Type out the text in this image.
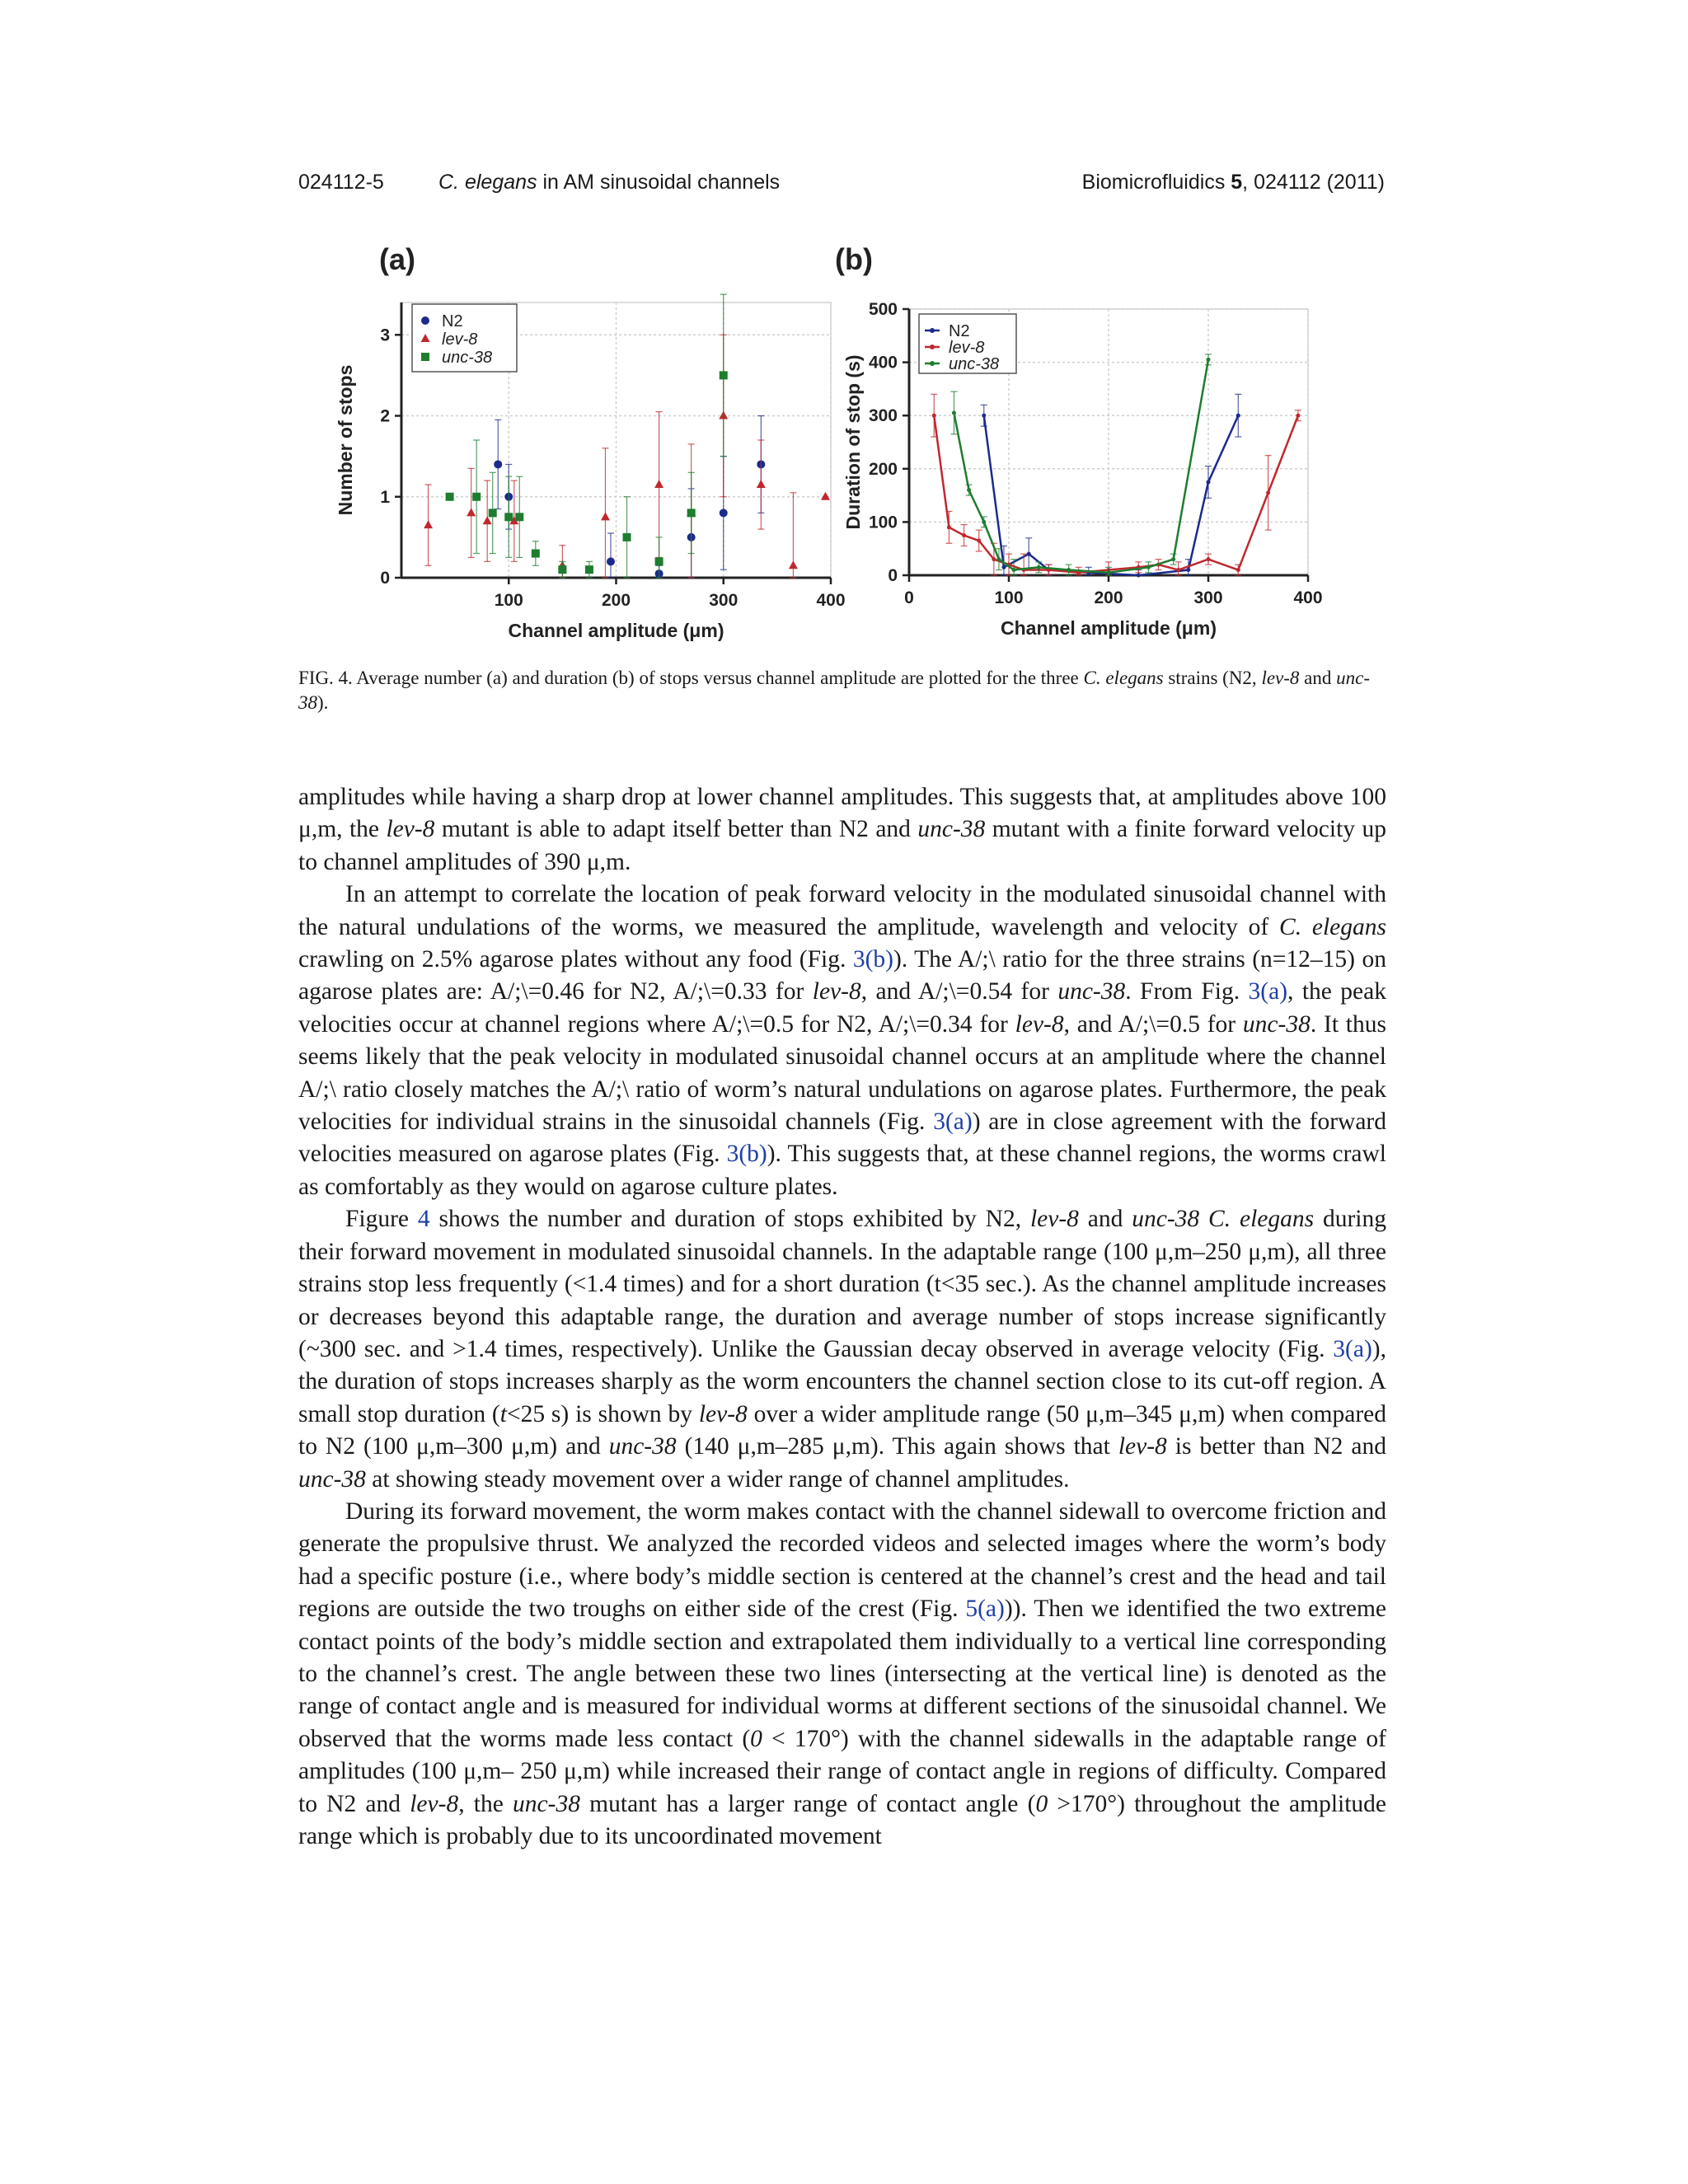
024112-5	C. elegans in AM sinusoidal channels	Biomicrofluidics 5, 024112 (2011)
(a)
100	200	300	400
0
1
2
3
Channel amplitude (μm)
Number of stops
N2
lev-8
unc-38
(b)
0	100	200	300	400
0
100
200
300
400
500
Channel amplitude (μm)
Duration of stop (s)
N2
lev-8
unc-38
FIG. 4. Average number (a) and duration (b) of stops versus channel amplitude are plotted for the three C. elegans strains (N2, lev-8 and unc-38).

amplitudes while having a sharp drop at lower channel amplitudes. This suggests that, at amplitudes above 100 μ,m, the lev-8 mutant is able to adapt itself better than N2 and unc-38 mutant with a finite forward velocity up to channel amplitudes of 390 μ,m.

In an attempt to correlate the location of peak forward velocity in the modulated sinusoidal channel with the natural undulations of the worms, we measured the amplitude, wavelength and velocity of C. elegans crawling on 2.5% agarose plates without any food (Fig. 3(b)). The A/;\ ratio for the three strains (n=12–15) on agarose plates are: A/;\=0.46 for N2, A/;\=0.33 for lev-8, and A/;\=0.54 for unc-38. From Fig. 3(a), the peak velocities occur at channel regions where A/;\=0.5 for N2, A/;\=0.34 for lev-8, and A/;\=0.5 for unc-38. It thus seems likely that the peak velocity in modulated sinusoidal channel occurs at an amplitude where the channel A/;\ ratio closely matches the A/;\ ratio of worm’s natural undulations on agarose plates. Furthermore, the peak velocities for individual strains in the sinusoidal channels (Fig. 3(a)) are in close agreement with the forward velocities measured on agarose plates (Fig. 3(b)). This suggests that, at these channel regions, the worms crawl as comfortably as they would on agarose culture plates.

Figure 4 shows the number and duration of stops exhibited by N2, lev-8 and unc-38 C. elegans during their forward movement in modulated sinusoidal channels. In the adaptable range (100 μ,m–250 μ,m), all three strains stop less frequently (<1.4 times) and for a short duration (t<35 sec.). As the channel amplitude increases or decreases beyond this adaptable range, the duration and average number of stops increase significantly (~300 sec. and >1.4 times, respectively). Unlike the Gaussian decay observed in average velocity (Fig. 3(a)), the duration of stops increases sharply as the worm encounters the channel section close to its cut-off region. A small stop duration (t<25 s) is shown by lev-8 over a wider amplitude range (50 μ,m–345 μ,m) when compared to N2 (100 μ,m–300 μ,m) and unc-38 (140 μ,m–285 μ,m). This again shows that lev-8 is better than N2 and unc-38 at showing steady movement over a wider range of channel amplitudes.

During its forward movement, the worm makes contact with the channel sidewall to overcome friction and generate the propulsive thrust. We analyzed the recorded videos and selected images where the worm’s body had a specific posture (i.e., where body’s middle section is centered at the channel’s crest and the head and tail regions are outside the two troughs on either side of the crest (Fig. 5(a))). Then we identified the two extreme contact points of the body’s middle section and extrapolated them individually to a vertical line corresponding to the channel’s crest. The angle between these two lines (intersecting at the vertical line) is denoted as the range of contact angle and is measured for individual worms at different sections of the sinusoidal channel. We observed that the worms made less contact (0 < 170°) with the channel sidewalls in the adaptable range of amplitudes (100 μ,m– 250 μ,m) while increased their range of contact angle in regions of difficulty. Compared to N2 and lev-8, the unc-38 mutant has a larger range of contact angle (0 >170°) throughout the amplitude range which is probably due to its uncoordinated movement
